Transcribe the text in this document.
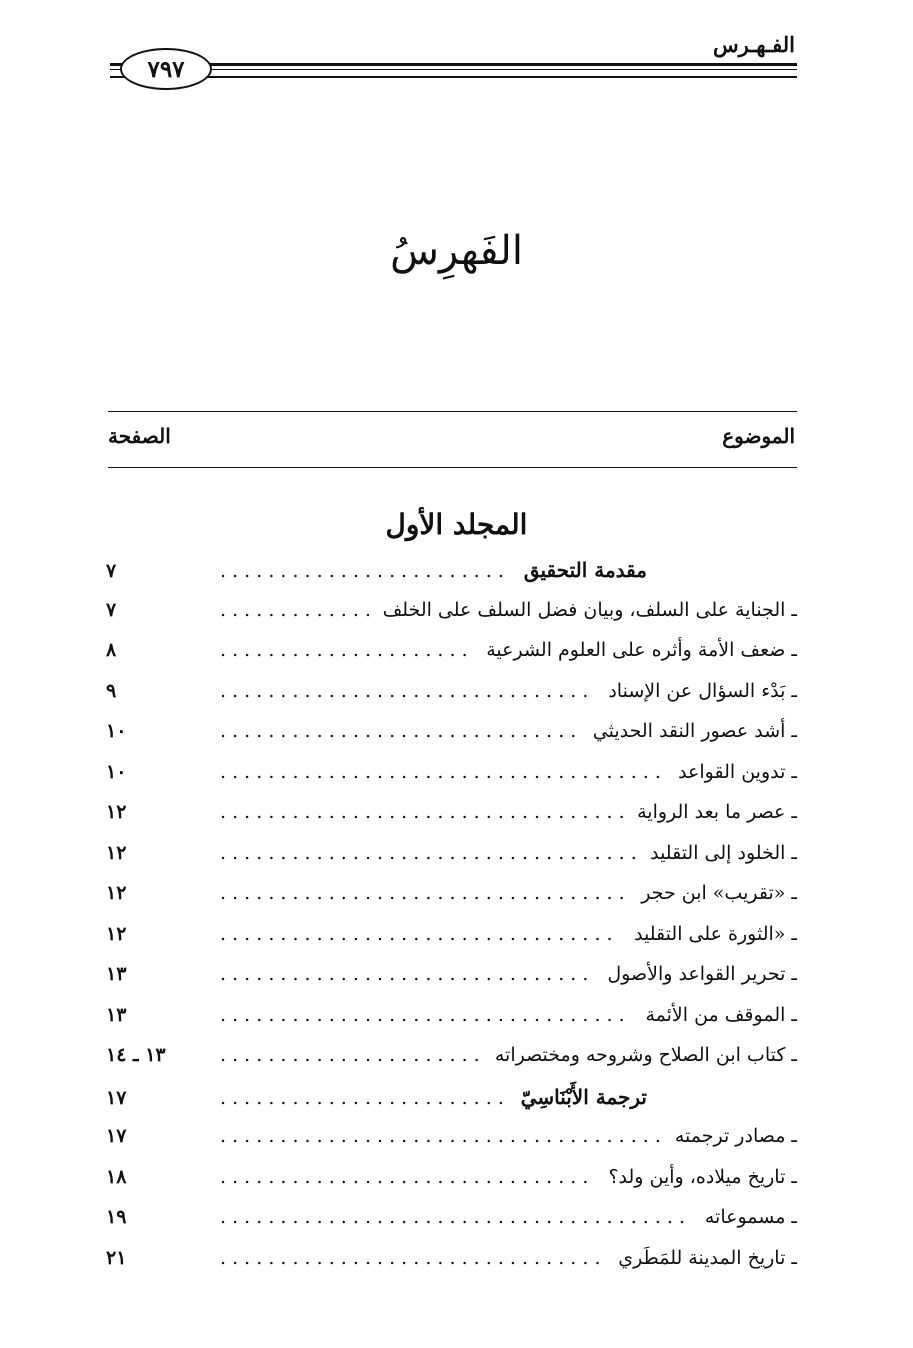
الفـهـرس
٧٩٧
الفَهرِسُ
الموضوع
الصفحة
المجلد الأول
مقدمة التحقيق
. . .
٧
ـ الجناية على السلف، وبيان فضل السلف على الخلف
. . .
٧
ـ ضعف الأمة وأثره على العلوم الشرعية
. . .
٨
ـ بَدْء السؤال عن الإسناد
. . .
٩
ـ أشد عصور النقد الحديثي
. . .
١٠
ـ تدوين القواعد
. . .
١٠
ـ عصر ما بعد الرواية
. . .
١٢
ـ الخلود إلى التقليد
. . .
١٢
ـ «تقريب» ابن حجر
. . .
١٢
ـ «الثورة على التقليد
. . .
١٢
ـ تحرير القواعد والأصول
. . .
١٣
ـ الموقف من الأئمة
. . .
١٣
ـ كتاب ابن الصلاح وشروحه ومختصراته
. . .
١٣ ـ ١٤
ترجمة الأَبْنَاسِيّ
. . .
١٧
ـ مصادر ترجمته
. . .
١٧
ـ تاريخ ميلاده، وأين ولد؟
. . .
١٨
ـ مسموعاته
. . .
١٩
ـ تاريخ المدينة للمَطَري
. . .
٢١
